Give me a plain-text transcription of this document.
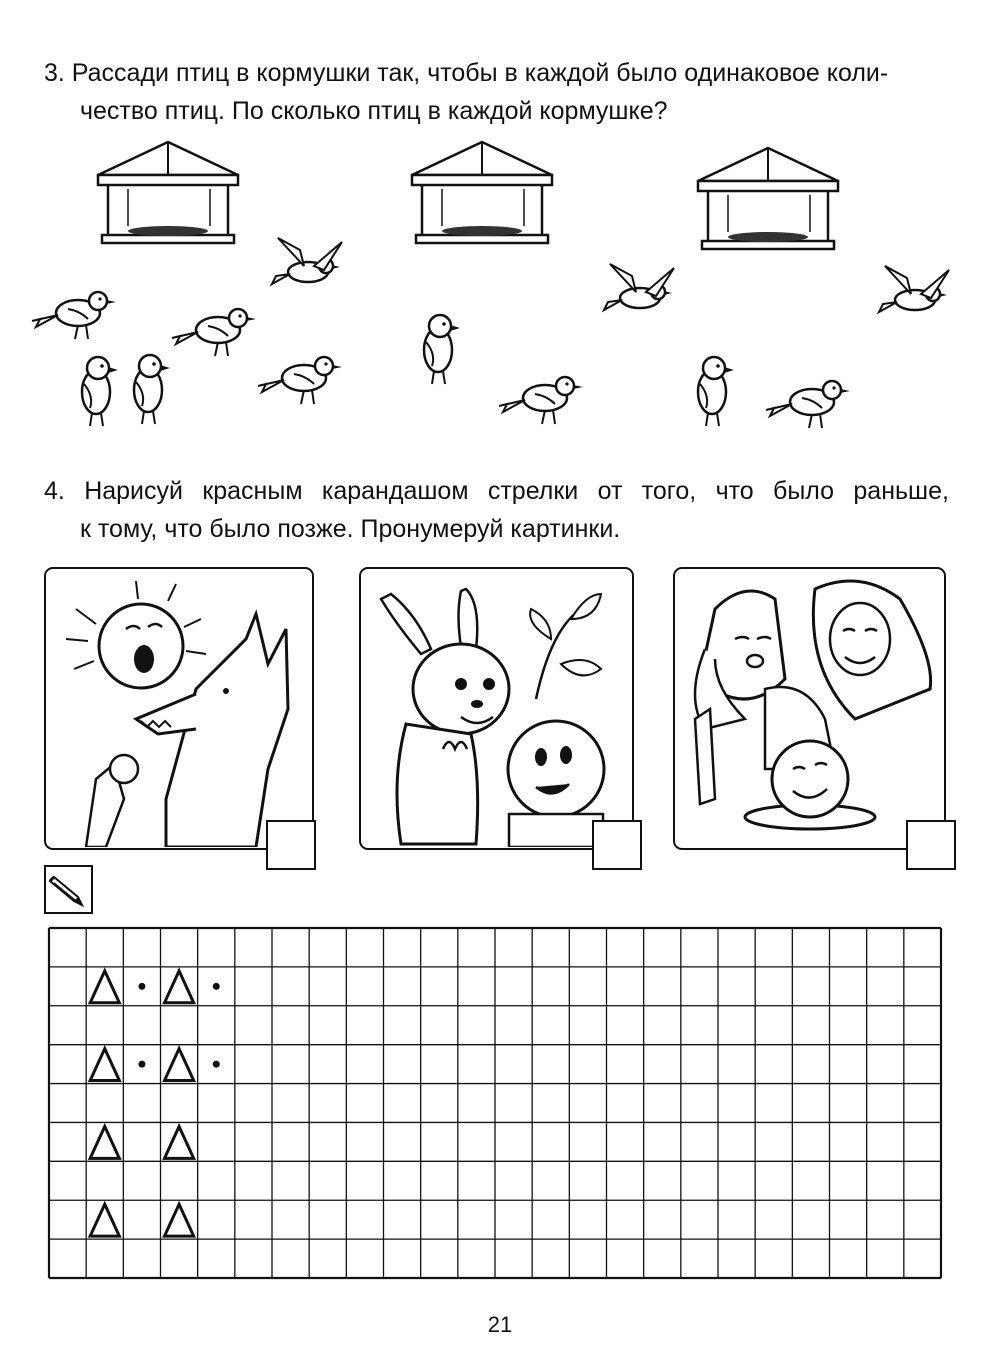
3. Рассади птиц в кормушки так, чтобы в каждой было одинаковое коли-
чество птиц. По сколько птиц в каждой кормушке?
4. Нарисуй красным карандашом стрелки от того, что было раньше,
к тому, что было позже. Пронумеруй картинки.
21
